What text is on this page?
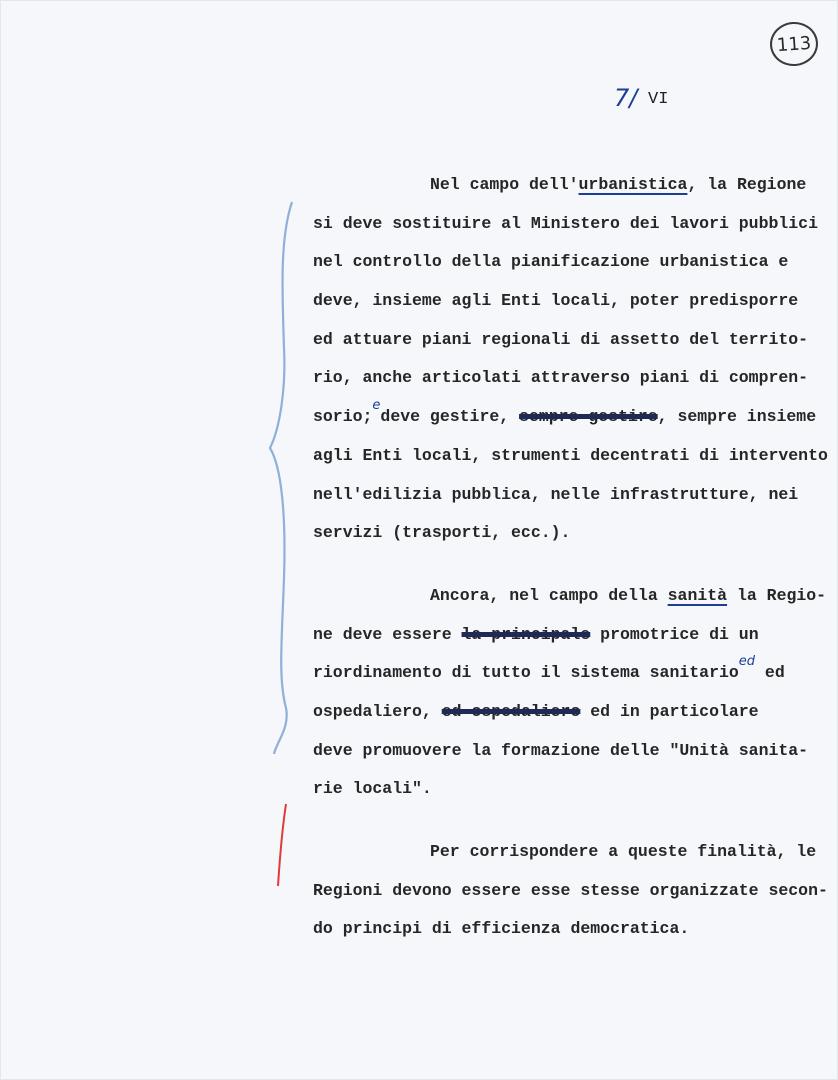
113
7/ VI
Nel campo dell'urbanistica, la Regione
si deve sostituire al Ministero dei lavori pubblici
nel controllo della pianificazione urbanistica e
deve, insieme agli Enti locali, poter predisporre
ed attuare piani regionali di assetto del territo-
rio, anche articolati attraverso piani di compren-
sorio;$^e$deve gestire, sempre gestire, sempre insieme
agli Enti locali, strumenti decentrati di intervento
nell'edilizia pubblica, nelle infrastrutture, nei
servizi (trasporti, ecc.).
Ancora, nel campo della sanità la Regio-
ne deve essere la principale promotrice di un
riordinamento di tutto il sistema sanitario$^{ed}$ ed
ospedaliero, ed ospedaliero ed in particolare
deve promuovere la formazione delle "Unità sanita-
rie locali".
Per corrispondere a queste finalità, le
Regioni devono essere esse stesse organizzate secon-
do principi di efficienza democratica.
